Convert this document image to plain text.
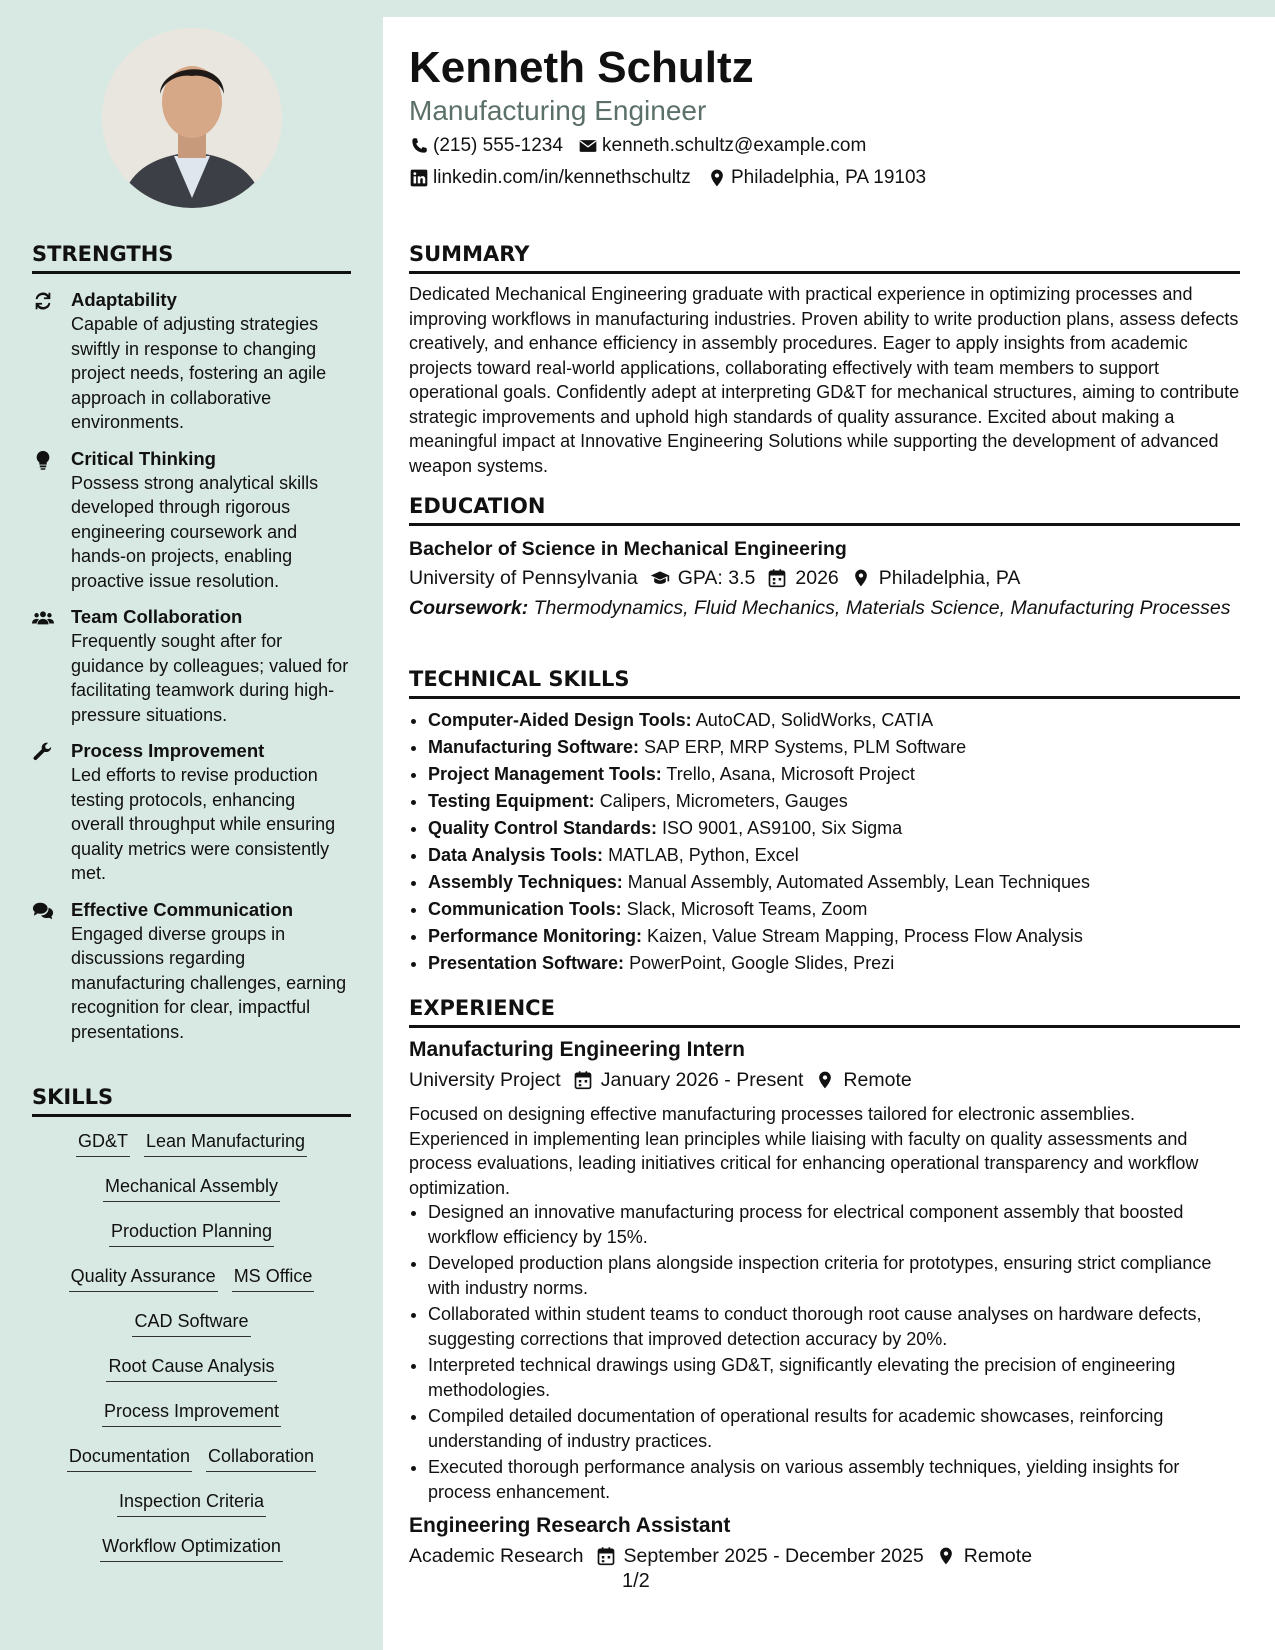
STRENGTHS
Adaptability
Capable of adjusting strategies swiftly in response to changing project needs, fostering an agile approach in collaborative environments.
Critical Thinking
Possess strong analytical skills developed through rigorous engineering coursework and hands-on projects, enabling proactive issue resolution.
Team Collaboration
Frequently sought after for guidance by colleagues; valued for facilitating teamwork during high-pressure situations.
Process Improvement
Led efforts to revise production testing protocols, enhancing overall throughput while ensuring quality metrics were consistently met.
Effective Communication
Engaged diverse groups in discussions regarding manufacturing challenges, earning recognition for clear, impactful presentations.
SKILLS
GD&T Lean Manufacturing
Mechanical Assembly
Production Planning
Quality Assurance MS Office
CAD Software
Root Cause Analysis
Process Improvement
Documentation Collaboration
Inspection Criteria
Workflow Optimization
Kenneth Schultz
Manufacturing Engineer
(215) 555-1234 kenneth.schultz@example.com
linkedin.com/in/kennethschultz Philadelphia, PA 19103
SUMMARY
Dedicated Mechanical Engineering graduate with practical experience in optimizing processes and improving workflows in manufacturing industries. Proven ability to write production plans, assess defects creatively, and enhance efficiency in assembly procedures. Eager to apply insights from academic projects toward real-world applications, collaborating effectively with team members to support operational goals. Confidently adept at interpreting GD&T for mechanical structures, aiming to contribute strategic improvements and uphold high standards of quality assurance. Excited about making a meaningful impact at Innovative Engineering Solutions while supporting the development of advanced weapon systems.
EDUCATION
Bachelor of Science in Mechanical Engineering
University of Pennsylvania GPA: 3.5 2026 Philadelphia, PA
Coursework: Thermodynamics, Fluid Mechanics, Materials Science, Manufacturing Processes
TECHNICAL SKILLS
• Computer-Aided Design Tools: AutoCAD, SolidWorks, CATIA
• Manufacturing Software: SAP ERP, MRP Systems, PLM Software
• Project Management Tools: Trello, Asana, Microsoft Project
• Testing Equipment: Calipers, Micrometers, Gauges
• Quality Control Standards: ISO 9001, AS9100, Six Sigma
• Data Analysis Tools: MATLAB, Python, Excel
• Assembly Techniques: Manual Assembly, Automated Assembly, Lean Techniques
• Communication Tools: Slack, Microsoft Teams, Zoom
• Performance Monitoring: Kaizen, Value Stream Mapping, Process Flow Analysis
• Presentation Software: PowerPoint, Google Slides, Prezi
EXPERIENCE
Manufacturing Engineering Intern
University Project January 2026 - Present Remote
Focused on designing effective manufacturing processes tailored for electronic assemblies. Experienced in implementing lean principles while liaising with faculty on quality assessments and process evaluations, leading initiatives critical for enhancing operational transparency and workflow optimization.
• Designed an innovative manufacturing process for electrical component assembly that boosted workflow efficiency by 15%.
• Developed production plans alongside inspection criteria for prototypes, ensuring strict compliance with industry norms.
• Collaborated within student teams to conduct thorough root cause analyses on hardware defects, suggesting corrections that improved detection accuracy by 20%.
• Interpreted technical drawings using GD&T, significantly elevating the precision of engineering methodologies.
• Compiled detailed documentation of operational results for academic showcases, reinforcing understanding of industry practices.
• Executed thorough performance analysis on various assembly techniques, yielding insights for process enhancement.
Engineering Research Assistant
Academic Research September 2025 - December 2025 Remote
1/2
